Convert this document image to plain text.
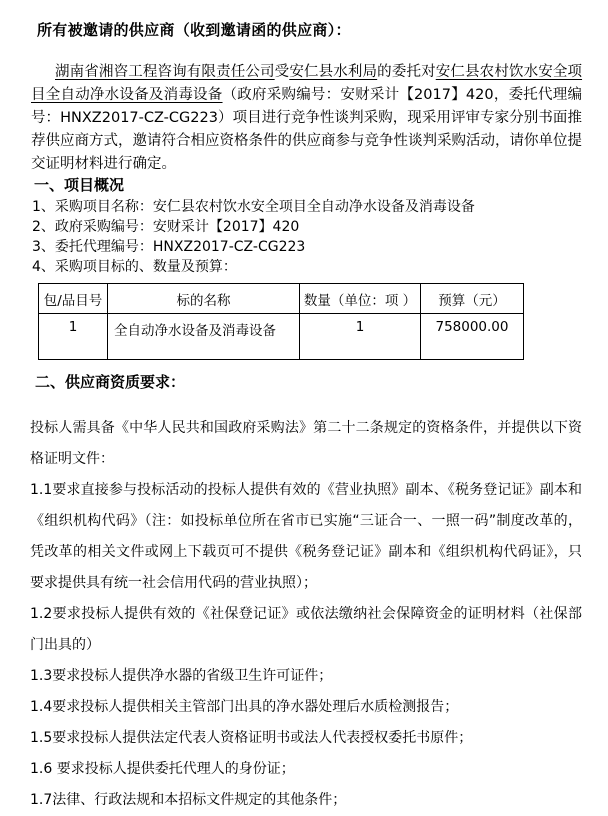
所有被邀请的供应商（收到邀请函的供应商）：

湖南省湘咨工程咨询有限责任公司受安仁县水利局的委托对安仁县农村饮水安全项目全自动净水设备及消毒设备（政府采购编号：安财采计【2017】420，委托代理编号：HNXZ2017-CZ-CG223）项目进行竞争性谈判采购，现采用评审专家分别书面推荐供应商方式，邀请符合相应资格条件的供应商参与竞争性谈判采购活动，请你单位提交证明材料进行确定。

一、项目概况
1、采购项目名称：安仁县农村饮水安全项目全自动净水设备及消毒设备
2、政府采购编号：安财采计【2017】420
3、委托代理编号：HNXZ2017-CZ-CG223
4、采购项目标的、数量及预算：
包/品目号	标的名称	数量（单位：项 ）	预算（元）
1	全自动净水设备及消毒设备	1	758000.00
二、供应商资质要求：

投标人需具备《中华人民共和国政府采购法》第二十二条规定的资格条件，并提供以下资格证明文件：

1.1要求直接参与投标活动的投标人提供有效的《营业执照》副本、《税务登记证》副本和《组织机构代码》（注：如投标单位所在省市已实施“三证合一、一照一码”制度改革的，凭改革的相关文件或网上下载页可不提供《税务登记证》副本和《组织机构代码证》，只要求提供具有统一社会信用代码的营业执照）；

1.2要求投标人提供有效的《社保登记证》或依法缴纳社会保障资金的证明材料（社保部门出具的）

1.3要求投标人提供净水器的省级卫生许可证件；

1.4要求投标人提供相关主管部门出具的净水器处理后水质检测报告；

1.5要求投标人提供法定代表人资格证明书或法人代表授权委托书原件；

1.6 要求投标人提供委托代理人的身份证；

1.7法律、行政法规和本招标文件规定的其他条件；
